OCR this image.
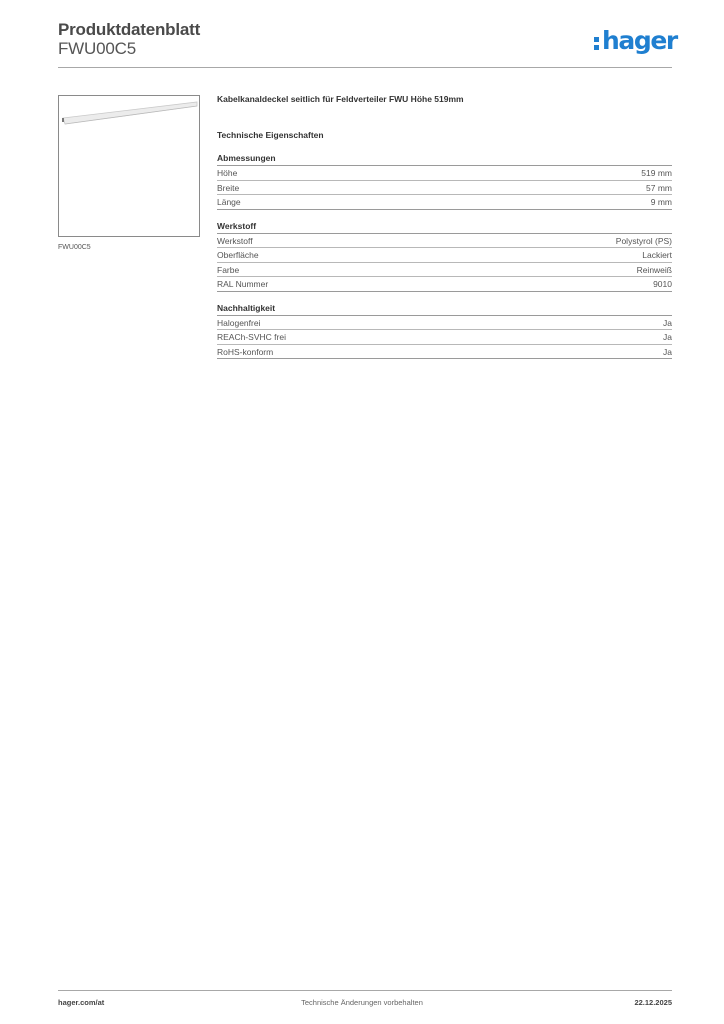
Produktdatenblatt
FWU00C5	hager
FWU00C5
Kabelkanaldeckel seitlich für Feldverteiler FWU Höhe 519mm
Technische Eigenschaften
Abmessungen
Höhe	519 mm
Breite	57 mm
Länge	9 mm
Werkstoff
Werkstoff	Polystyrol (PS)
Oberfläche	Lackiert
Farbe	Reinweiß
RAL Nummer	9010
Nachhaltigkeit
Halogenfrei	Ja
REACh-SVHC frei	Ja
RoHS-konform	Ja
hager.com/at	Technische Änderungen vorbehalten	22.12.2025
